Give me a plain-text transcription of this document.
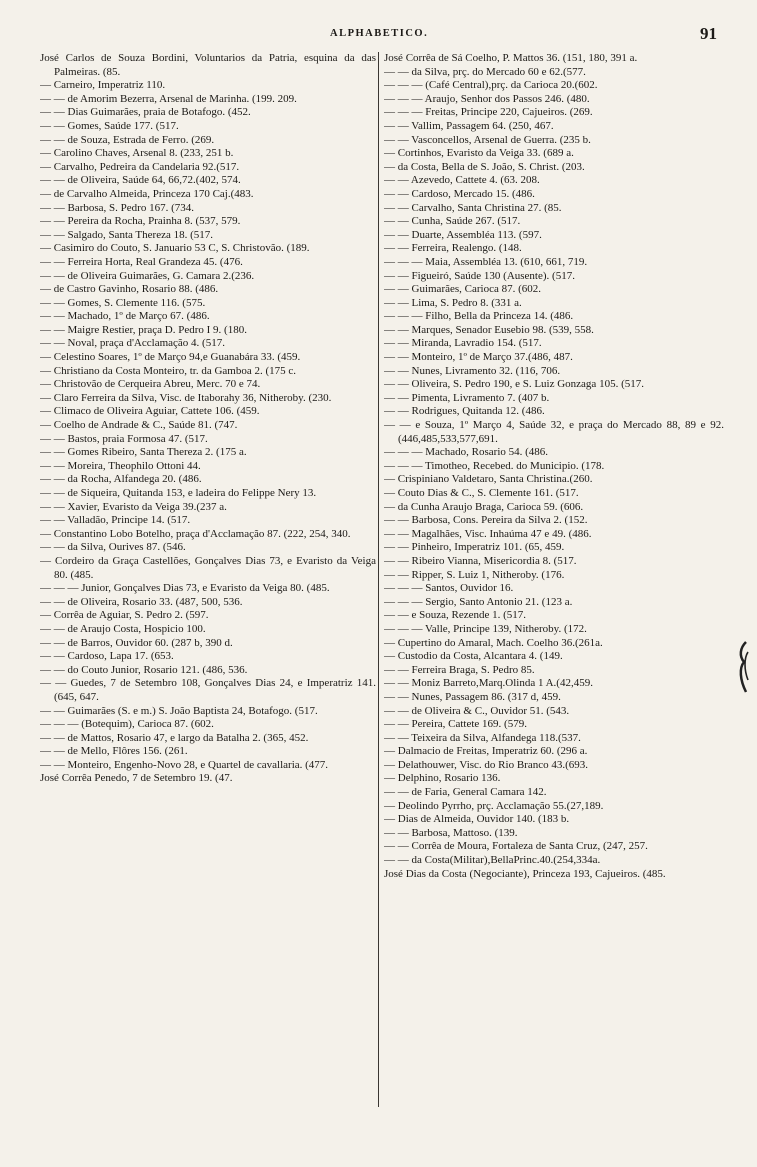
ALPHABETICO.	91

José Carlos de Souza Bordini, Voluntarios da Patria, esquina da das Palmeiras. (85.

— Carneiro, Imperatriz 110.

— — de Amorim Bezerra, Arsenal de Marinha. (199. 209.

— — Dias Guimarães, praia de Botafogo. (452.

— — Gomes, Saúde 177. (517.

— — de Souza, Estrada de Ferro. (269.

— Carolino Chaves, Arsenal 8. (233, 251 b.

— Carvalho, Pedreira da Candelaria 92.(517.

— — de Oliveira, Saúde 64, 66,72.(402, 574.

— de Carvalho Almeida, Princeza 170 Caj.(483.

— — Barbosa, S. Pedro 167. (734.

— — Pereira da Rocha, Prainha 8. (537, 579.

— — Salgado, Santa Thereza 18. (517.

— Casimiro do Couto, S. Januario 53 C, S. Christovão. (189.

— — Ferreira Horta, Real Grandeza 45. (476.

— — de Oliveira Guimarães, G. Camara 2.(236.

— de Castro Gavinho, Rosario 88. (486.

— — Gomes, S. Clemente 116. (575.

— — Machado, 1º de Março 67. (486.

— — Maigre Restier, praça D. Pedro I 9. (180.

— — Noval, praça d'Acclamação 4. (517.

— Celestino Soares, 1º de Março 94,e Guanabára 33. (459.

— Christiano da Costa Monteiro, tr. da Gamboa 2. (175 c.

— Christovão de Cerqueira Abreu, Merc. 70 e 74.

— Claro Ferreira da Silva, Visc. de Itaborahy 36, Nitheroby. (230.

— Climaco de Oliveira Aguiar, Cattete 106. (459.

— Coelho de Andrade & C., Saúde 81. (747.

— — Bastos, praia Formosa 47. (517.

— — Gomes Ribeiro, Santa Thereza 2. (175 a.

— — Moreira, Theophilo Ottoni 44.

— — da Rocha, Alfandega 20. (486.

— — de Siqueira, Quitanda 153, e ladeira do Felippe Nery 13.

— — Xavier, Evaristo da Veiga 39.(237 a.

— — Valladão, Principe 14. (517.

— Constantino Lobo Botelho, praça d'Acclamação 87. (222, 254, 340.

— — da Silva, Ourives 87. (546.

— Cordeiro da Graça Castellões, Gonçalves Dias 73, e Evaristo da Veiga 80. (485.

— — — Junior, Gonçalves Dias 73, e Evaristo da Veiga 80. (485.

— — de Oliveira, Rosario 33. (487, 500, 536.

— Corrêa de Aguiar, S. Pedro 2. (597.

— — de Araujo Costa, Hospicio 100.

— — de Barros, Ouvidor 60. (287 b, 390 d.

— — Cardoso, Lapa 17. (653.

— — do Couto Junior, Rosario 121. (486, 536.

— — Guedes, 7 de Setembro 108, Gonçalves Dias 24, e Imperatriz 141. (645, 647.

— — Guimarães (S. e m.) S. João Baptista 24, Botafogo. (517.

— — — (Botequim), Carioca 87. (602.

— — de Mattos, Rosario 47, e largo da Batalha 2. (365, 452.

— — de Mello, Flôres 156. (261.

— — Monteiro, Engenho-Novo 28, e Quartel de cavallaria. (477.

José Corrêa Penedo, 7 de Setembro 19. (47.

José Corrêa de Sá Coelho, P. Mattos 36. (151, 180, 391 a.

— — da Silva, prç. do Mercado 60 e 62.(577.

— — — (Café Central),prç. da Carioca 20.(602.

— — — Araujo, Senhor dos Passos 246. (480.

— — — Freitas, Principe 220, Cajueiros. (269.

— — Vallim, Passagem 64. (250, 467.

— — Vasconcellos, Arsenal de Guerra. (235 b.

— Cortinhos, Evaristo da Veiga 33. (689 a.

— da Costa, Bella de S. João, S. Christ. (203.

— — Azevedo, Cattete 4. (63. 208.

— — Cardoso, Mercado 15. (486.

— — Carvalho, Santa Christina 27. (85.

— — Cunha, Saúde 267. (517.

— — Duarte, Assembléa 113. (597.

— — Ferreira, Realengo. (148.

— — — Maia, Assembléa 13. (610, 661, 719.

— — Figueiró, Saúde 130 (Ausente). (517.

— — Guimarães, Carioca 87. (602.

— — Lima, S. Pedro 8. (331 a.

— — — Filho, Bella da Princeza 14. (486.

— — Marques, Senador Eusebio 98. (539, 558.

— — Miranda, Lavradio 154. (517.

— — Monteiro, 1º de Março 37.(486, 487.

— — Nunes, Livramento 32. (116, 706.

— — Oliveira, S. Pedro 190, e S. Luiz Gonzaga 105. (517.

— — Pimenta, Livramento 7. (407 b.

— — Rodrigues, Quitanda 12. (486.

— — e Souza, 1º Março 4, Saúde 32, e praça do Mercado 88, 89 e 92.(446,485,533,577,691.

— — — Machado, Rosario 54. (486.

— — — Timotheo, Recebed. do Municipio. (178.

— Crispiniano Valdetaro, Santa Christina.(260.

— Couto Dias & C., S. Clemente 161. (517.

— da Cunha Araujo Braga, Carioca 59. (606.

— — Barbosa, Cons. Pereira da Silva 2. (152.

— — Magalhães, Visc. Inhaúma 47 e 49. (486.

— — Pinheiro, Imperatriz 101. (65, 459.

— — Ribeiro Vianna, Misericordia 8. (517.

— — Ripper, S. Luiz 1, Nitheroby. (176.

— — — Santos, Ouvidor 16.

— — — Sergio, Santo Antonio 21. (123 a.

— — e Souza, Rezende 1. (517.

— — — Valle, Principe 139, Nitheroby. (172.

— Cupertino do Amaral, Mach. Coelho 36.(261a.

— Custodio da Costa, Alcantara 4. (149.

— — Ferreira Braga, S. Pedro 85.

— — Moniz Barreto,Marq.Olinda 1 A.(42,459.

— — Nunes, Passagem 86. (317 d, 459.

— — de Oliveira & C., Ouvidor 51. (543.

— — Pereira, Cattete 169. (579.

— — Teixeira da Silva, Alfandega 118.(537.

— Dalmacio de Freitas, Imperatriz 60. (296 a.

— Delathouwer, Visc. do Rio Branco 43.(693.

— Delphino, Rosario 136.

— — de Faria, General Camara 142.

— Deolindo Pyrrho, prç. Acclamação 55.(27,189.

— Dias de Almeida, Ouvidor 140. (183 b.

— — Barbosa, Mattoso. (139.

— — Corrêa de Moura, Fortaleza de Santa Cruz, (247, 257.

— — da Costa(Militar),BellaPrinc.40.(254,334a.

José Dias da Costa (Negociante), Princeza 193, Cajueiros. (485.
